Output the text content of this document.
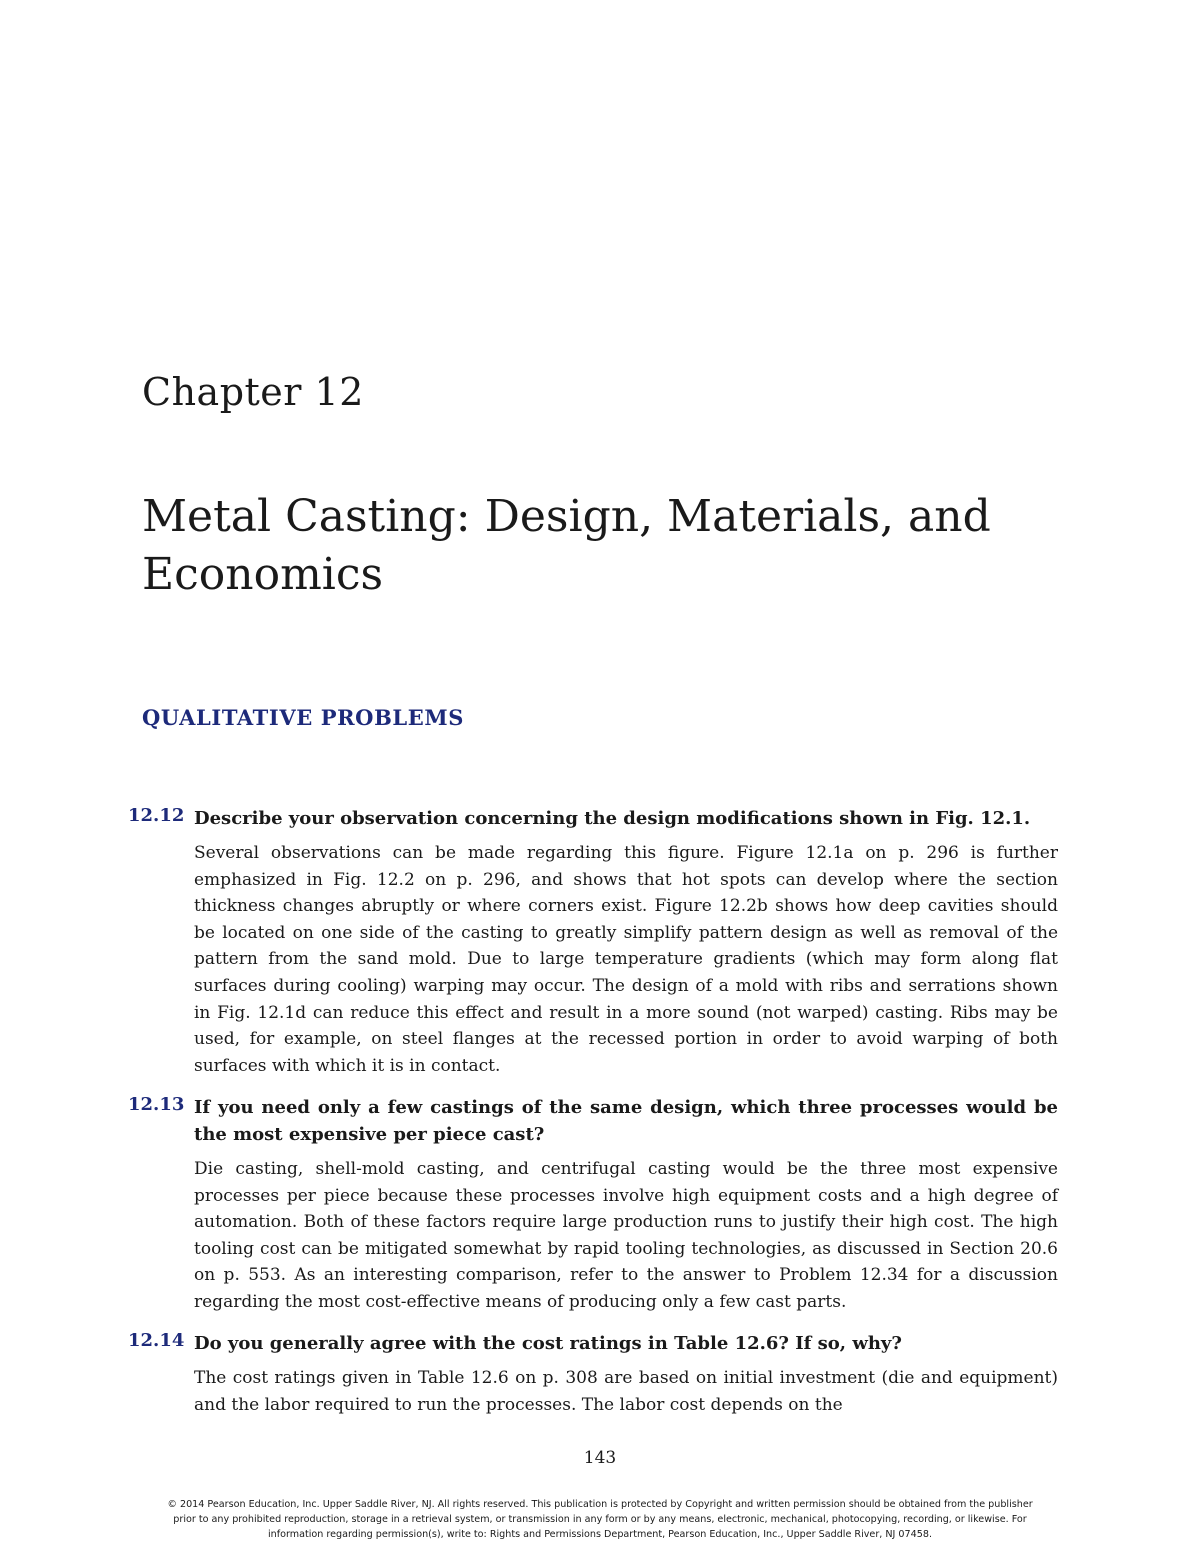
Chapter 12
Metal Casting: Design, Materials, and Economics
QUALITATIVE PROBLEMS
12.12 Describe your observation concerning the design modifications shown in Fig. 12.1.

Several observations can be made regarding this figure. Figure 12.1a on p. 296 is further emphasized in Fig. 12.2 on p. 296, and shows that hot spots can develop where the section thickness changes abruptly or where corners exist. Figure 12.2b shows how deep cavities should be located on one side of the casting to greatly simplify pattern design as well as removal of the pattern from the sand mold. Due to large temperature gradients (which may form along flat surfaces during cooling) warping may occur. The design of a mold with ribs and serrations shown in Fig. 12.1d can reduce this effect and result in a more sound (not warped) casting. Ribs may be used, for example, on steel flanges at the recessed portion in order to avoid warping of both surfaces with which it is in contact.

12.13 If you need only a few castings of the same design, which three processes would be the most expensive per piece cast?

Die casting, shell-mold casting, and centrifugal casting would be the three most expensive processes per piece because these processes involve high equipment costs and a high degree of automation. Both of these factors require large production runs to justify their high cost. The high tooling cost can be mitigated somewhat by rapid tooling technologies, as discussed in Section 20.6 on p. 553. As an interesting comparison, refer to the answer to Problem 12.34 for a discussion regarding the most cost-effective means of producing only a few cast parts.

12.14 Do you generally agree with the cost ratings in Table 12.6? If so, why?

The cost ratings given in Table 12.6 on p. 308 are based on initial investment (die and equipment) and the labor required to run the processes. The labor cost depends on the

143

© 2014 Pearson Education, Inc. Upper Saddle River, NJ. All rights reserved. This publication is protected by Copyright and written permission should be obtained from the publisher prior to any prohibited reproduction, storage in a retrieval system, or transmission in any form or by any means, electronic, mechanical, photocopying, recording, or likewise. For information regarding permission(s), write to: Rights and Permissions Department, Pearson Education, Inc., Upper Saddle River, NJ 07458.
